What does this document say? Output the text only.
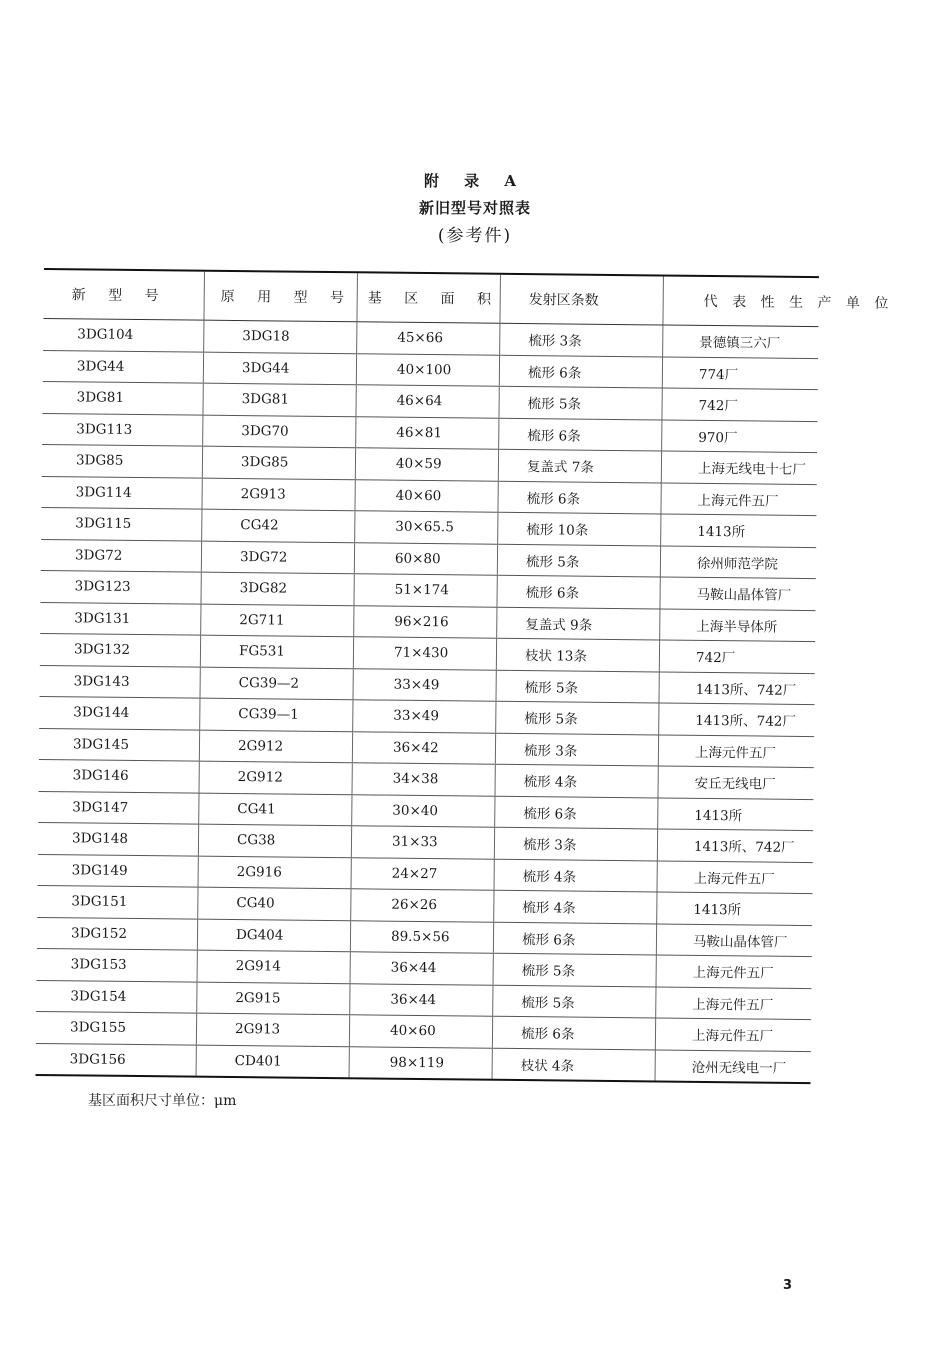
附 录 A
新旧型号对照表
(参考件)
新 型 号	原 用 型 号	基 区 面 积	发射区条数	代 表 性 生 产 单 位
3DG104	3DG18	45×66	梳形 3条	景德镇三六厂
3DG44	3DG44	40×100	梳形 6条	774厂
3DG81	3DG81	46×64	梳形 5条	742厂
3DG113	3DG70	46×81	梳形 6条	970厂
3DG85	3DG85	40×59	复盖式 7条	上海无线电十七厂
3DG114	2G913	40×60	梳形 6条	上海元件五厂
3DG115	CG42	30×65.5	梳形 10条	1413所
3DG72	3DG72	60×80	梳形 5条	徐州师范学院
3DG123	3DG82	51×174	梳形 6条	马鞍山晶体管厂
3DG131	2G711	96×216	复盖式 9条	上海半导体所
3DG132	FG531	71×430	枝状 13条	742厂
3DG143	CG39—2	33×49	梳形 5条	1413所、742厂
3DG144	CG39—1	33×49	梳形 5条	1413所、742厂
3DG145	2G912	36×42	梳形 3条	上海元件五厂
3DG146	2G912	34×38	梳形 4条	安丘无线电厂
3DG147	CG41	30×40	梳形 6条	1413所
3DG148	CG38	31×33	梳形 3条	1413所、742厂
3DG149	2G916	24×27	梳形 4条	上海元件五厂
3DG151	CG40	26×26	梳形 4条	1413所
3DG152	DG404	89.5×56	梳形 6条	马鞍山晶体管厂
3DG153	2G914	36×44	梳形 5条	上海元件五厂
3DG154	2G915	36×44	梳形 5条	上海元件五厂
3DG155	2G913	40×60	梳形 6条	上海元件五厂
3DG156	CD401	98×119	枝状 4条	沧州无线电一厂
基区面积尺寸单位：μm
3
